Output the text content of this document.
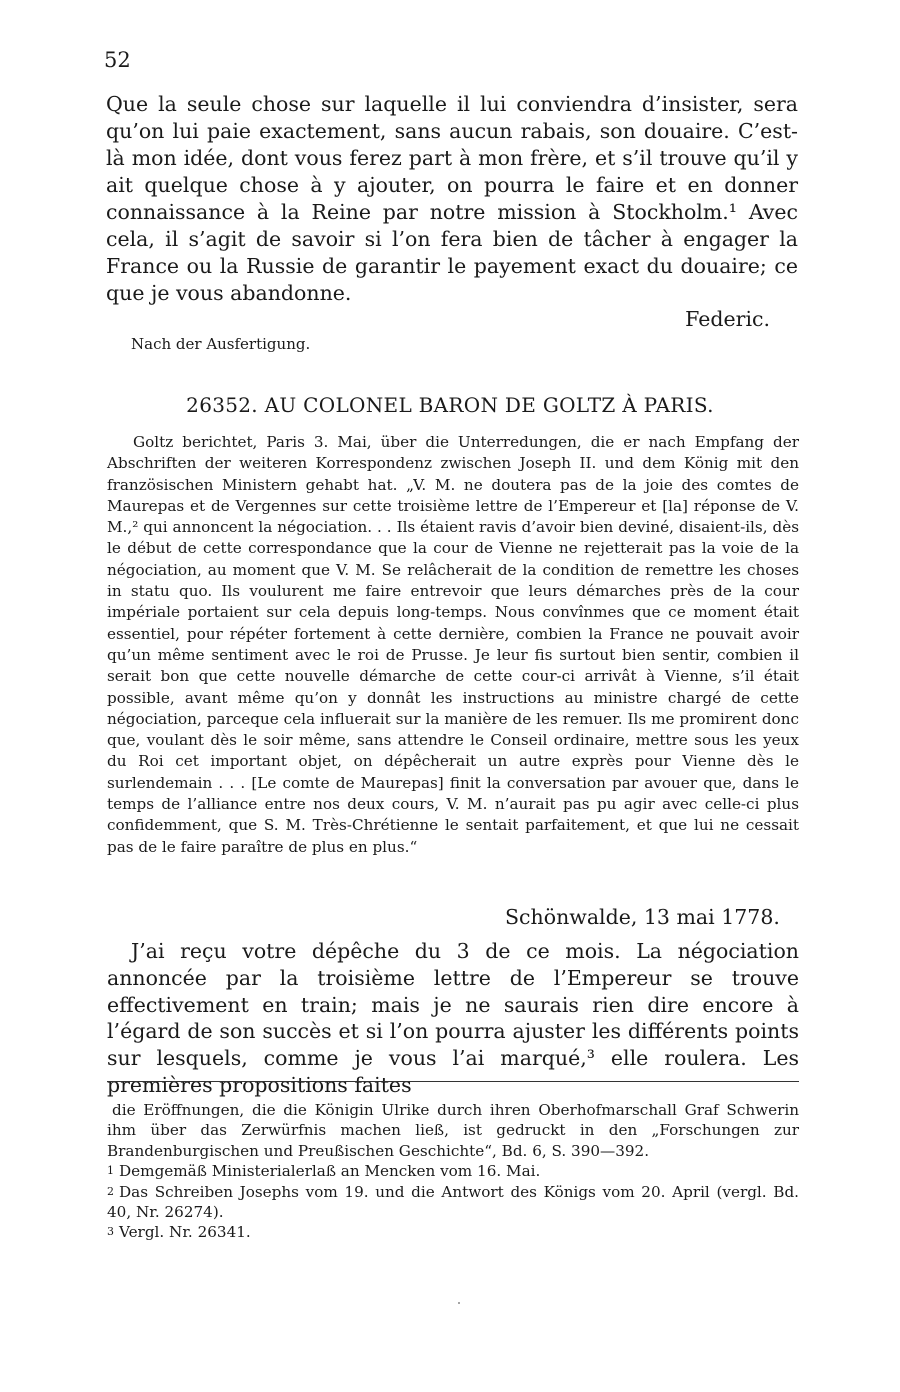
52
Que la seule chose sur laquelle il lui conviendra d’insister, sera qu’on lui paie exactement, sans aucun rabais, son douaire. C’est-là mon idée, dont vous ferez part à mon frère, et s’il trouve qu’il y ait quelque chose à y ajouter, on pourra le faire et en donner connaissance à la Reine par notre mission à Stockholm.¹ Avec cela, il s’agit de savoir si l’on fera bien de tâcher à engager la France ou la Russie de garantir le payement exact du douaire; ce que je vous abandonne.
Federic.
Nach der Ausfertigung.
26352. AU COLONEL BARON DE GOLTZ À PARIS.

Goltz berichtet, Paris 3. Mai, über die Unterredungen, die er nach Empfang der Abschriften der weiteren Korrespondenz zwischen Joseph II. und dem König mit den französischen Ministern gehabt hat. „V. M. ne doutera pas de la joie des comtes de Maurepas et de Vergennes sur cette troisième lettre de l’Empereur et [la] réponse de V. M.,² qui annoncent la négociation. . . Ils étaient ravis d’avoir bien deviné, disaient-ils, dès le début de cette correspondance que la cour de Vienne ne rejetterait pas la voie de la négociation, au moment que V. M. Se relâcherait de la condition de remettre les choses in statu quo. Ils voulurent me faire entrevoir que leurs démarches près de la cour impériale portaient sur cela depuis long-temps. Nous convînmes que ce moment était essentiel, pour répéter fortement à cette dernière, combien la France ne pouvait avoir qu’un même sentiment avec le roi de Prusse. Je leur fis surtout bien sentir, combien il serait bon que cette nouvelle démarche de cette cour-ci arrivât à Vienne, s’il était possible, avant même qu’on y donnât les instructions au ministre chargé de cette négociation, parceque cela influerait sur la manière de les remuer. Ils me promirent donc que, voulant dès le soir même, sans attendre le Conseil ordinaire, mettre sous les yeux du Roi cet important objet, on dépêcherait un autre exprès pour Vienne dès le surlendemain . . . [Le comte de Maurepas] finit la conversation par avouer que, dans le temps de l’alliance entre nos deux cours, V. M. n’aurait pas pu agir avec celle-ci plus confidemment, que S. M. Très-Chrétienne le sentait parfaitement, et que lui ne cessait pas de le faire paraître de plus en plus.“

Schönwalde, 13 mai 1778.

J’ai reçu votre dépêche du 3 de ce mois. La négociation annoncée par la troisième lettre de l’Empereur se trouve effectivement en train; mais je ne saurais rien dire encore à l’égard de son succès et si l’on pourra ajuster les différents points sur lesquels, comme je vous l’ai marqué,³ elle roulera. Les premières propositions faites

die Eröffnungen, die die Königin Ulrike durch ihren Oberhofmarschall Graf Schwerin ihm über das Zerwürfnis machen ließ, ist gedruckt in den „Forschungen zur Brandenburgischen und Preußischen Geschichte“, Bd. 6, S. 390—392.

$^1$ Demgemäß Ministerialerlaß an Mencken vom 16. Mai.

$^2$ Das Schreiben Josephs vom 19. und die Antwort des Königs vom 20. April (vergl. Bd. 40, Nr. 26274).

$^3$ Vergl. Nr. 26341.
